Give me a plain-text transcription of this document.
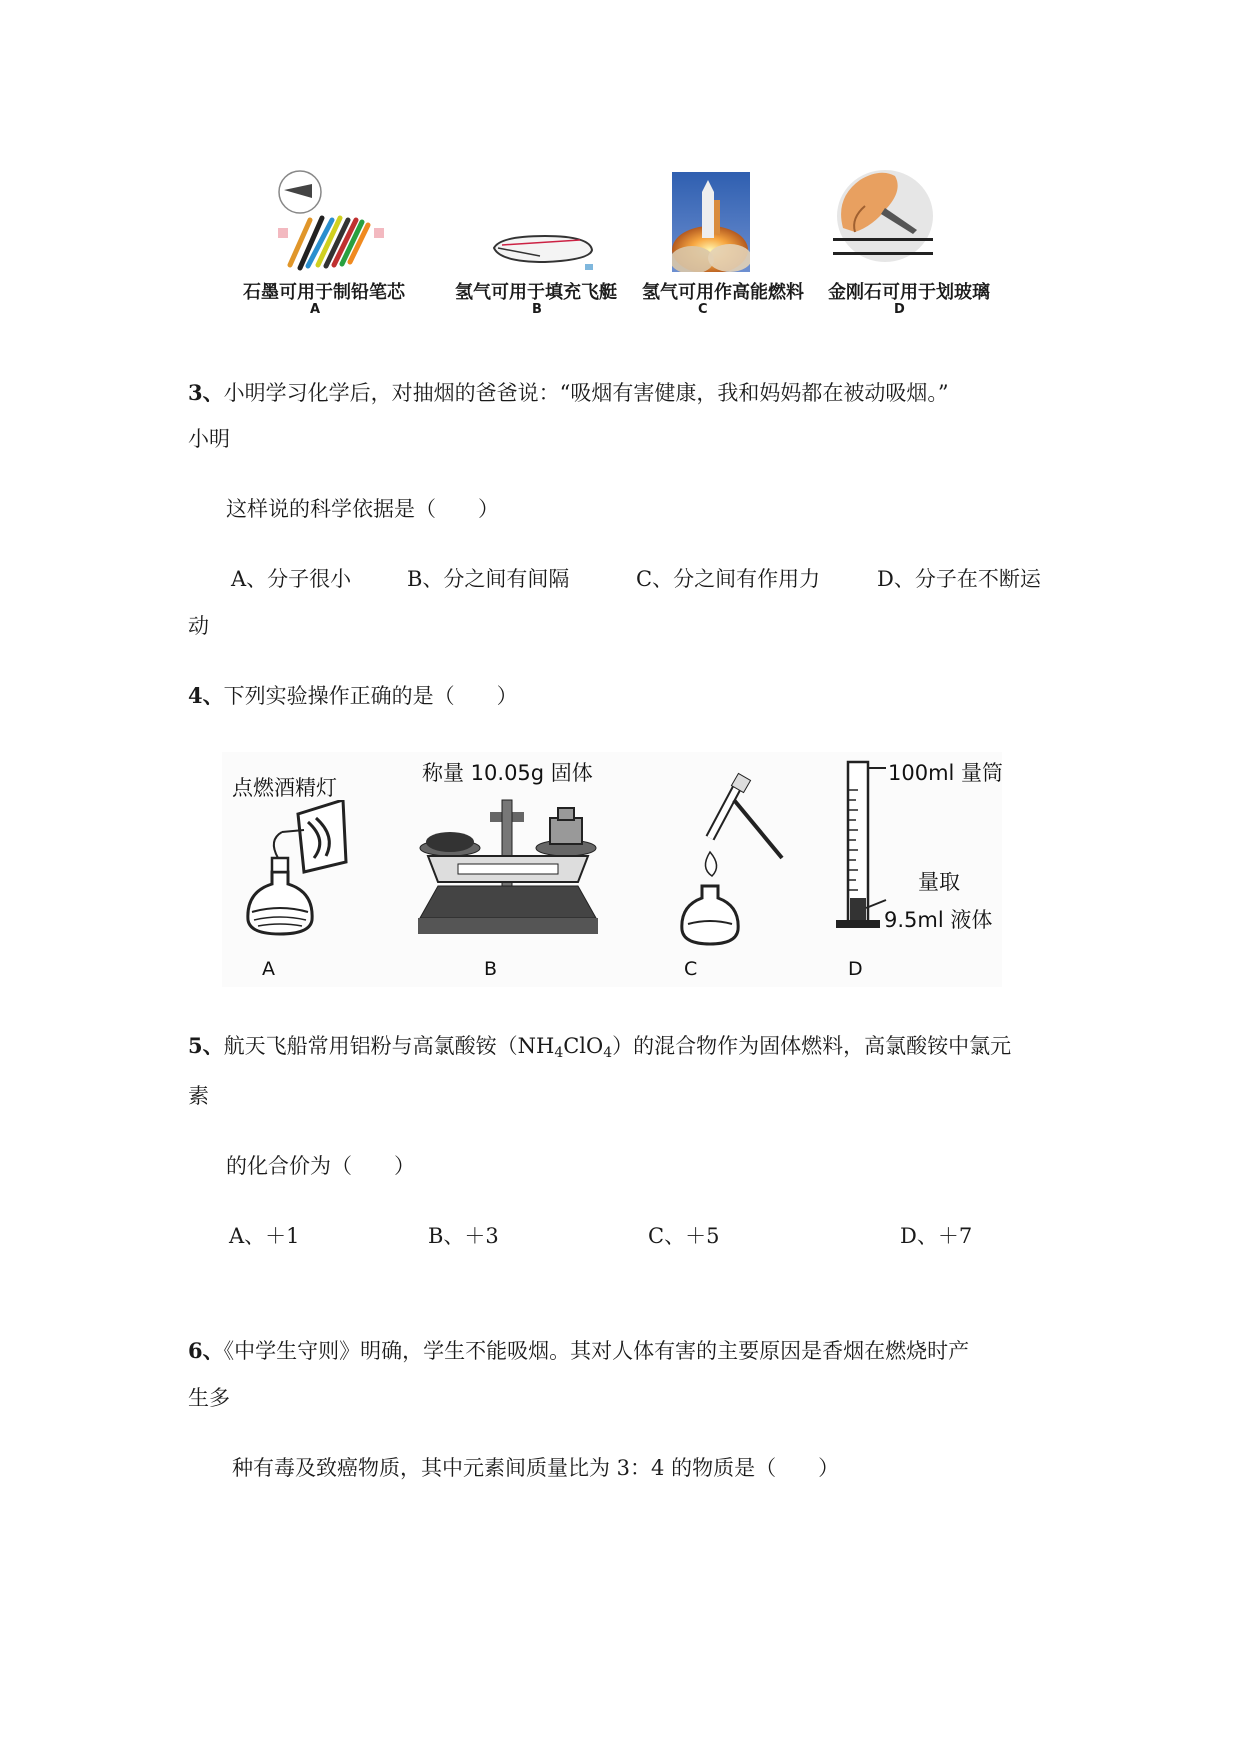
石墨可用于制铅笔芯
A
氢气可用于填充飞艇
B
氢气可用作高能燃料
C
金刚石可用于划玻璃
D
3、小明学习化学后，对抽烟的爸爸说：“吸烟有害健康，我和妈妈都在被动吸烟。”
小明
这样说的科学依据是（　　）
A、分子很小	B、分之间有间隔	C、分之间有作用力	D、分子在不断运
动
4、下列实验操作正确的是（　　）
点燃酒精灯
A
称量 10.05g 固体
B	C
100ml 量筒
量取
9.5ml 液体
D
5、航天飞船常用铝粉与高氯酸铵$(NH_4ClO_4)$的混合物作为固体燃料，高氯酸铵中氯元
素
的化合价为（　　）
A、＋1	B、＋3	C、＋5	D、＋7
6、《中学生守则》明确，学生不能吸烟。其对人体有害的主要原因是香烟在燃烧时产
生多
种有毒及致癌物质，其中元素间质量比为 3：4 的物质是（　　）
